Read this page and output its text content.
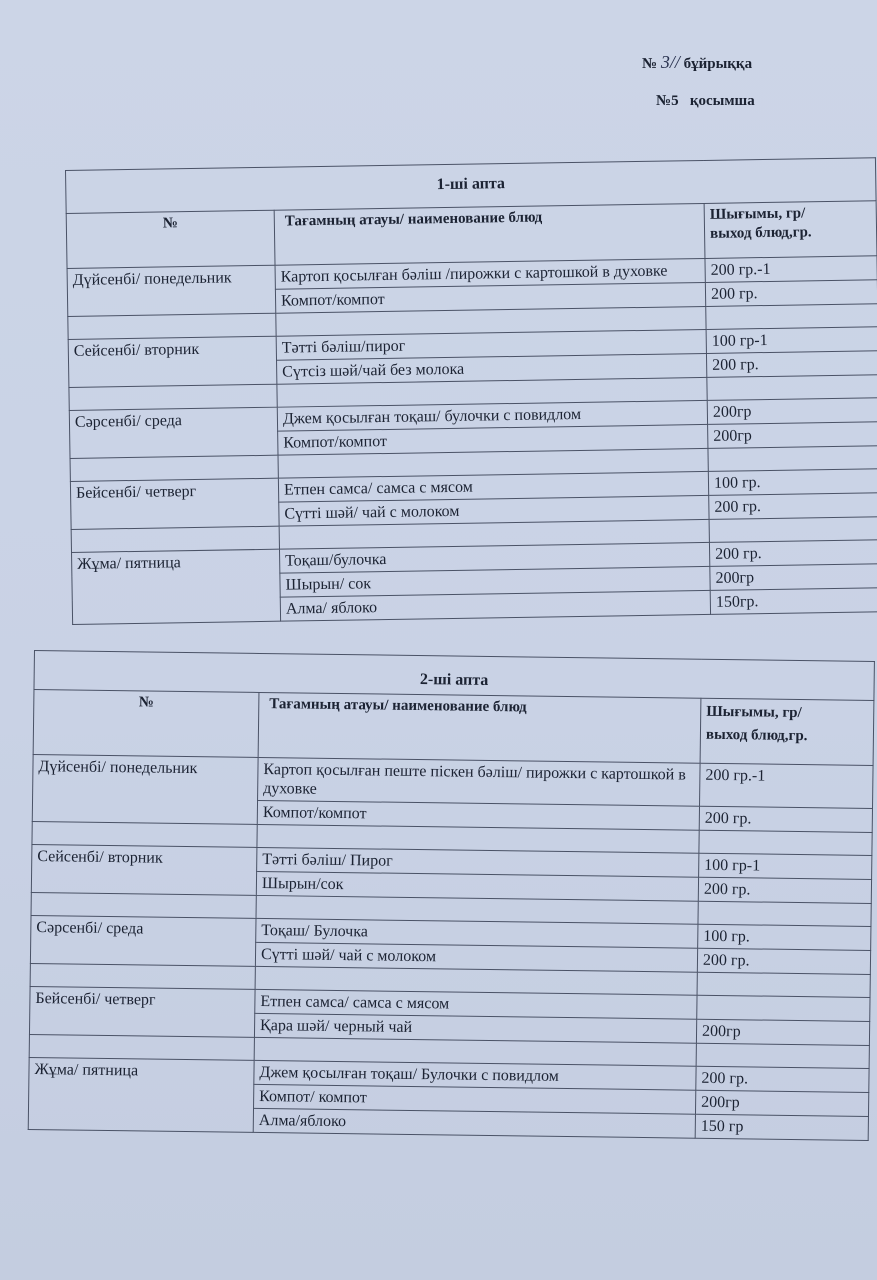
№ 3// бұйрыққа
№5   қосымша
1-ші апта		
№	Тағамның атауы/ наименование блюд	Шығымы, гр/
выход блюд,гр.
Дүйсенбі/ понедельник	Картоп қосылған бәліш /пирожки с картошкой в духовке	200 гр.-1
	Компот/компот	200 гр.

Сейсенбі/ вторник	Тәтті бәліш/пирог	100 гр-1
	Сүтсіз шәй/чай без молока	200 гр.

Сәрсенбі/ среда	Джем қосылған тоқаш/ булочки с повидлом	200гр
	Компот/компот	200гр

Бейсенбі/ четверг	Етпен самса/ самса с мясом	100 гр.
	Сүтті шәй/ чай с молоком	200 гр.

Жұма/ пятница	Тоқаш/булочка	200 гр.
	Шырын/ сок	200гр
	Алма/ яблоко	150гр.
2-ші апта		
№	Тағамның атауы/ наименование блюд	Шығымы, гр/
выход блюд,гр.
Дүйсенбі/ понедельник	Картоп қосылған пеште піскен бәліш/ пирожки с картошкой в духовке	200 гр.-1
	Компот/компот	200 гр.

Сейсенбі/ вторник	Тәтті бәліш/ Пирог	100 гр-1
	Шырын/сок	200 гр.

Сәрсенбі/ среда	Тоқаш/ Булочка	100 гр.
	Сүтті шәй/ чай с молоком	200 гр.

Бейсенбі/ четверг	Етпен самса/ самса с мясом	
	Қара шәй/ черный чай	200гр

Жұма/ пятница	Джем қосылған тоқаш/ Булочки с повидлом	200 гр.
	Компот/ компот	200гр
	Алма/яблоко	150 гр
